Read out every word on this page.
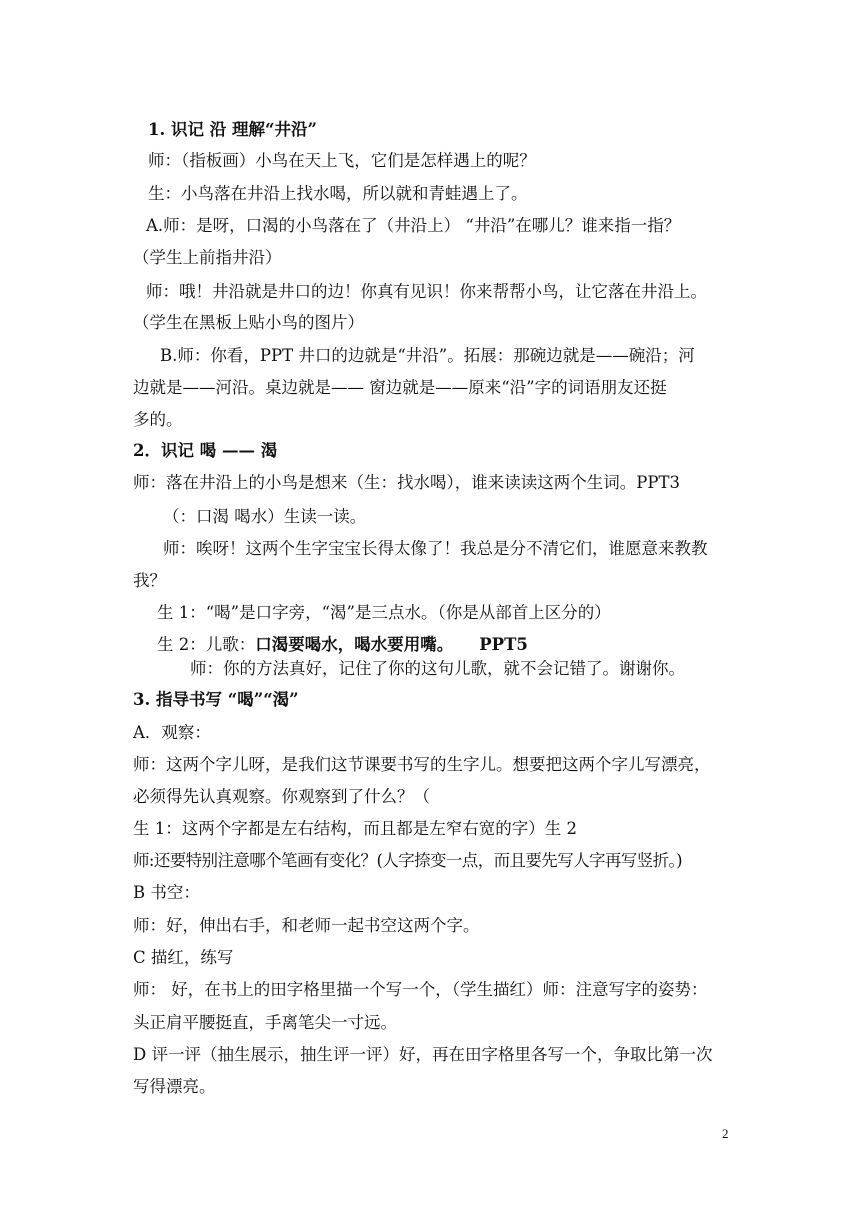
1. 识记 沿 理解“井沿”
师：（指板画）小鸟在天上飞，它们是怎样遇上的呢？
生：小鸟落在井沿上找水喝，所以就和青蛙遇上了。
A.师：是呀，口渴的小鸟落在了（井沿上） “井沿”在哪儿？谁来指一指？
（学生上前指井沿）
师：哦！井沿就是井口的边！你真有见识！你来帮帮小鸟，让它落在井沿上。
（学生在黑板上贴小鸟的图片）
B.师：你看，PPT 井口的边就是“井沿”。拓展：那碗边就是——碗沿；河
边就是——河沿。桌边就是—— 窗边就是——原来“沿”字的词语朋友还挺
多的。
2．识记 喝 —— 渴
师：落在井沿上的小鸟是想来（生：找水喝），谁来读读这两个生词。PPT3
（：口渴 喝水）生读一读。
师：唉呀！这两个生字宝宝长得太像了！我总是分不清它们，谁愿意来教教
我？
生 1：“喝”是口字旁，“渴”是三点水。（你是从部首上区分的）
生 2：儿歌：口渴要喝水，喝水要用嘴。 PPT5
师：你的方法真好，记住了你的这句儿歌，就不会记错了。谢谢你。
3. 指导书写 “喝”“渴”
A．观察：
师：这两个字儿呀，是我们这节课要书写的生字儿。想要把这两个字儿写漂亮，
必须得先认真观察。你观察到了什么？（
生 1：这两个字都是左右结构，而且都是左窄右宽的字）生 2
师:还要特别注意哪个笔画有变化？(人字捺变一点，而且要先写人字再写竖折。)
B 书空：
师：好，伸出右手，和老师一起书空这两个字。
C 描红，练写
师： 好，在书上的田字格里描一个写一个，（学生描红）师：注意写字的姿势：
头正肩平腰挺直，手离笔尖一寸远。
D 评一评（抽生展示，抽生评一评）好，再在田字格里各写一个，争取比第一次
写得漂亮。
2
